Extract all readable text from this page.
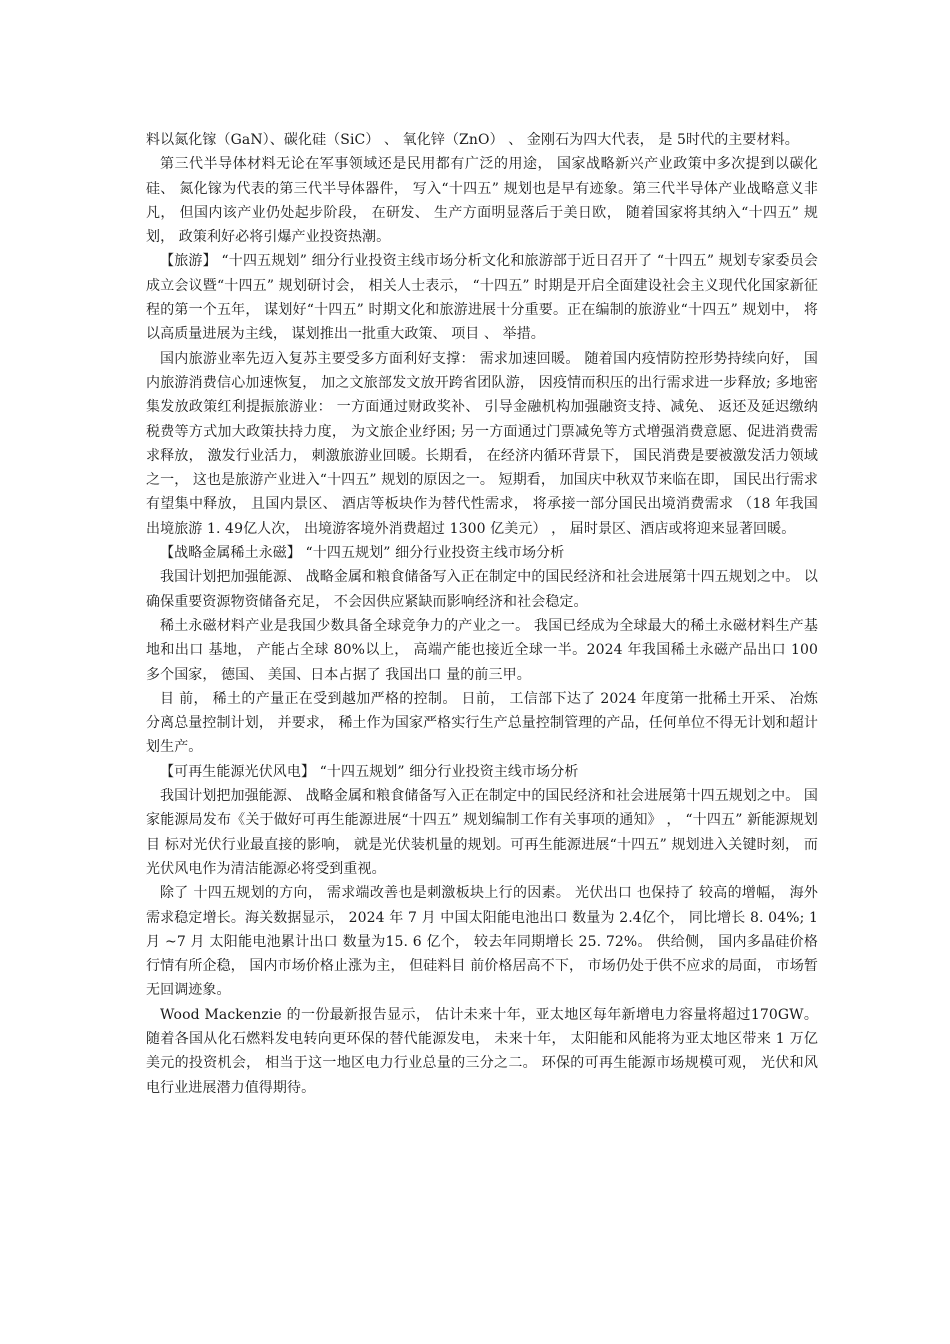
料以氮化镓（GaN）、碳化硅（SiC） 、 氧化锌（ZnO） 、 金刚石为四大代表， 是 5时代的主要材料。

第三代半导体材料无论在军事领域还是民用都有广泛的用途， 国家战略新兴产业政策中多次提到以碳化硅、 氮化镓为代表的第三代半导体器件， 写入“十四五” 规划也是早有迹象。第三代半导体产业战略意义非凡， 但国内该产业仍处起步阶段， 在研发、 生产方面明显落后于美日欧， 随着国家将其纳入“十四五” 规划， 政策利好必将引爆产业投资热潮。

【旅游】 “十四五规划” 细分行业投资主线市场分析文化和旅游部于近日召开了 “十四五” 规划专家委员会成立会议暨“十四五” 规划研讨会， 相关人士表示， “十四五” 时期是开启全面建设社会主义现代化国家新征程的第一个五年， 谋划好“十四五” 时期文化和旅游进展十分重要。正在编制的旅游业“十四五” 规划中， 将以高质量进展为主线， 谋划推出一批重大政策、 项目 、 举措。

国内旅游业率先迈入复苏主要受多方面利好支撑： 需求加速回暖。 随着国内疫情防控形势持续向好， 国内旅游消费信心加速恢复， 加之文旅部发文放开跨省团队游， 因疫情而积压的出行需求进一步释放; 多地密集发放政策红利提振旅游业： 一方面通过财政奖补、 引导金融机构加强融资支持、减免、 返还及延迟缴纳税费等方式加大政策扶持力度， 为文旅企业纾困; 另一方面通过门票减免等方式增强消费意愿、促进消费需求释放， 激发行业活力， 刺激旅游业回暖。长期看， 在经济内循环背景下， 国民消费是要被激发活力领域之一， 这也是旅游产业进入“十四五” 规划的原因之一。 短期看， 加国庆中秋双节来临在即， 国民出行需求有望集中释放， 且国内景区、 酒店等板块作为替代性需求， 将承接一部分国民出境消费需求 （18 年我国出境旅游 1. 49亿人次， 出境游客境外消费超过 1300 亿美元） ， 届时景区、酒店或将迎来显著回暖。

【战略金属稀土永磁】 “十四五规划” 细分行业投资主线市场分析

我国计划把加强能源、 战略金属和粮食储备写入正在制定中的国民经济和社会进展第十四五规划之中。 以确保重要资源物资储备充足， 不会因供应紧缺而影响经济和社会稳定。

稀土永磁材料产业是我国少数具备全球竞争力的产业之一。 我国已经成为全球最大的稀土永磁材料生产基地和出口 基地， 产能占全球 80%以上， 高端产能也接近全球一半。2024 年我国稀土永磁产品出口 100 多个国家， 德国、 美国、日本占据了 我国出口 量的前三甲。

目 前， 稀土的产量正在受到越加严格的控制。 日前， 工信部下达了 2024 年度第一批稀土开采、 冶炼分离总量控制计划， 并要求， 稀土作为国家严格实行生产总量控制管理的产品，任何单位不得无计划和超计划生产。

【可再生能源光伏风电】 “十四五规划” 细分行业投资主线市场分析

我国计划把加强能源、 战略金属和粮食储备写入正在制定中的国民经济和社会进展第十四五规划之中。 国家能源局发布《关于做好可再生能源进展“十四五” 规划编制工作有关事项的通知》 ， “十四五” 新能源规划目 标对光伏行业最直接的影响， 就是光伏装机量的规划。可再生能源进展“十四五” 规划进入关键时刻， 而光伏风电作为清洁能源必将受到重视。

除了 十四五规划的方向， 需求端改善也是刺激板块上行的因素。 光伏出口 也保持了 较高的增幅， 海外需求稳定增长。海关数据显示， 2024 年 7 月 中国太阳能电池出口 数量为 2.4亿个， 同比增长 8. 04%; 1 月 ~7 月 太阳能电池累计出口 数量为15. 6 亿个， 较去年同期增长 25. 72%。 供给侧， 国内多晶硅价格行情有所企稳， 国内市场价格止涨为主， 但硅料目 前价格居高不下， 市场仍处于供不应求的局面， 市场暂无回调迹象。

Wood Mackenzie 的一份最新报告显示， 估计未来十年，亚太地区每年新增电力容量将超过170GW。 随着各国从化石燃料发电转向更环保的替代能源发电， 未来十年， 太阳能和风能将为亚太地区带来 1 万亿美元的投资机会， 相当于这一地区电力行业总量的三分之二。 环保的可再生能源市场规模可观， 光伏和风电行业进展潜力值得期待。
